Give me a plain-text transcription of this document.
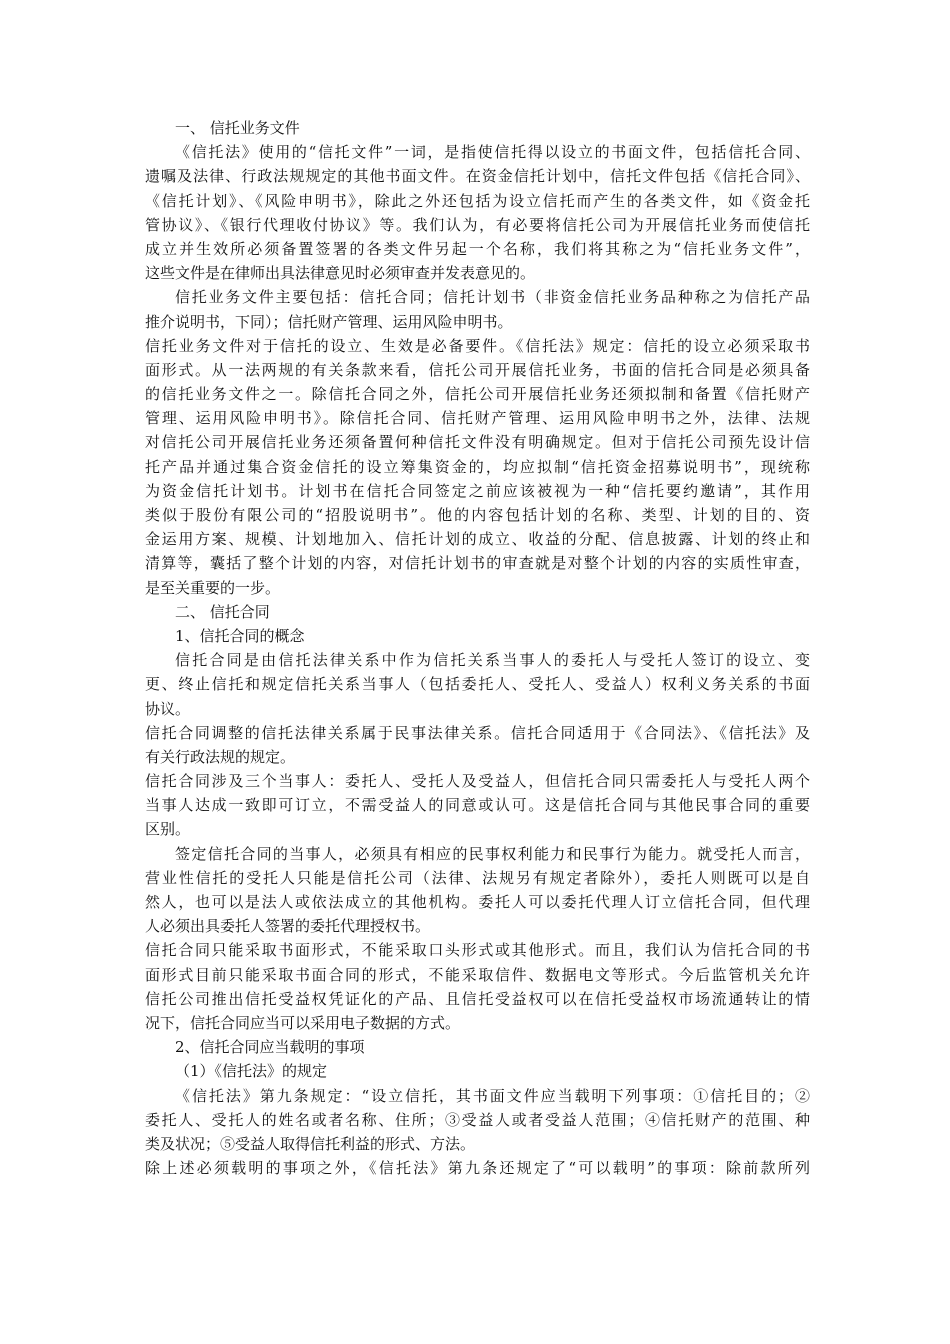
一、 信托业务文件
《信托法》使用的“信托文件”一词，是指使信托得以设立的书面文件，包括信托合同、
遗嘱及法律、行政法规规定的其他书面文件。在资金信托计划中，信托文件包括《信托合同》、
《信托计划》、《风险申明书》，除此之外还包括为设立信托而产生的各类文件，如《资金托
管协议》、《银行代理收付协议》等。我们认为，有必要将信托公司为开展信托业务而使信托
成立并生效所必须备置签署的各类文件另起一个名称，我们将其称之为“信托业务文件”，
这些文件是在律师出具法律意见时必须审查并发表意见的。
信托业务文件主要包括：信托合同；信托计划书（非资金信托业务品种称之为信托产品
推介说明书，下同）；信托财产管理、运用风险申明书。
信托业务文件对于信托的设立、生效是必备要件。《信托法》规定：信托的设立必须采取书
面形式。从一法两规的有关条款来看，信托公司开展信托业务，书面的信托合同是必须具备
的信托业务文件之一。除信托合同之外，信托公司开展信托业务还须拟制和备置《信托财产
管理、运用风险申明书》。除信托合同、信托财产管理、运用风险申明书之外，法律、法规
对信托公司开展信托业务还须备置何种信托文件没有明确规定。但对于信托公司预先设计信
托产品并通过集合资金信托的设立筹集资金的，均应拟制“信托资金招募说明书”，现统称
为资金信托计划书。计划书在信托合同签定之前应该被视为一种“信托要约邀请”，其作用
类似于股份有限公司的“招股说明书”。他的内容包括计划的名称、类型、计划的目的、资
金运用方案、规模、计划地加入、信托计划的成立、收益的分配、信息披露、计划的终止和
清算等，囊括了整个计划的内容，对信托计划书的审查就是对整个计划的内容的实质性审查，
是至关重要的一步。
二、 信托合同
1、信托合同的概念
信托合同是由信托法律关系中作为信托关系当事人的委托人与受托人签订的设立、变
更、终止信托和规定信托关系当事人（包括委托人、受托人、受益人）权利义务关系的书面
协议。
信托合同调整的信托法律关系属于民事法律关系。信托合同适用于《合同法》、《信托法》及
有关行政法规的规定。
信托合同涉及三个当事人：委托人、受托人及受益人，但信托合同只需委托人与受托人两个
当事人达成一致即可订立，不需受益人的同意或认可。这是信托合同与其他民事合同的重要
区别。
签定信托合同的当事人，必须具有相应的民事权利能力和民事行为能力。就受托人而言，
营业性信托的受托人只能是信托公司（法律、法规另有规定者除外），委托人则既可以是自
然人，也可以是法人或依法成立的其他机构。委托人可以委托代理人订立信托合同，但代理
人必须出具委托人签署的委托代理授权书。
信托合同只能采取书面形式，不能采取口头形式或其他形式。而且，我们认为信托合同的书
面形式目前只能采取书面合同的形式，不能采取信件、数据电文等形式。今后监管机关允许
信托公司推出信托受益权凭证化的产品、且信托受益权可以在信托受益权市场流通转让的情
况下，信托合同应当可以采用电子数据的方式。
2、信托合同应当载明的事项
（1）《信托法》的规定
《信托法》第九条规定：“设立信托，其书面文件应当载明下列事项：①信托目的；②
委托人、受托人的姓名或者名称、住所；③受益人或者受益人范围；④信托财产的范围、种
类及状况；⑤受益人取得信托利益的形式、方法。
除上述必须载明的事项之外，《信托法》第九条还规定了“可以载明”的事项：除前款所列
